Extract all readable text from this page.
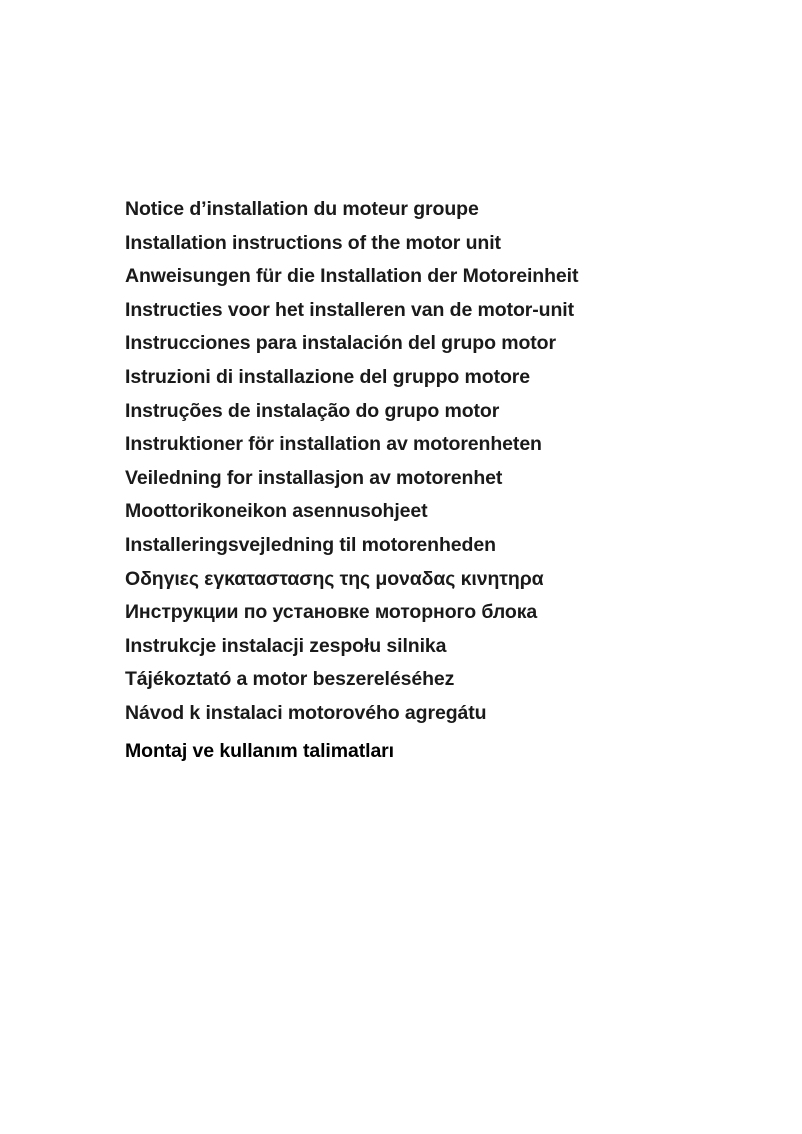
Notice d’installation du moteur groupe
Installation instructions of the motor unit
Anweisungen für die Installation der Motoreinheit
Instructies voor het installeren van de motor-unit
Instrucciones para instalación del grupo motor
Istruzioni di installazione del gruppo motore
Instruções de instalação do grupo motor
Instruktioner för installation av motorenheten
Veiledning for installasjon av motorenhet
Moottorikoneikon asennusohjeet
Installeringsvejledning til motorenheden
Οδηγιες εγκαταστασης της μοναδας κινητηρα
Инструкции по установке моторного блока
Instrukcje instalacji zespołu silnika
Tájékoztató a motor beszereléséhez
Návod k instalaci motorového agregátu
Montaj ve kullanım talimatları
